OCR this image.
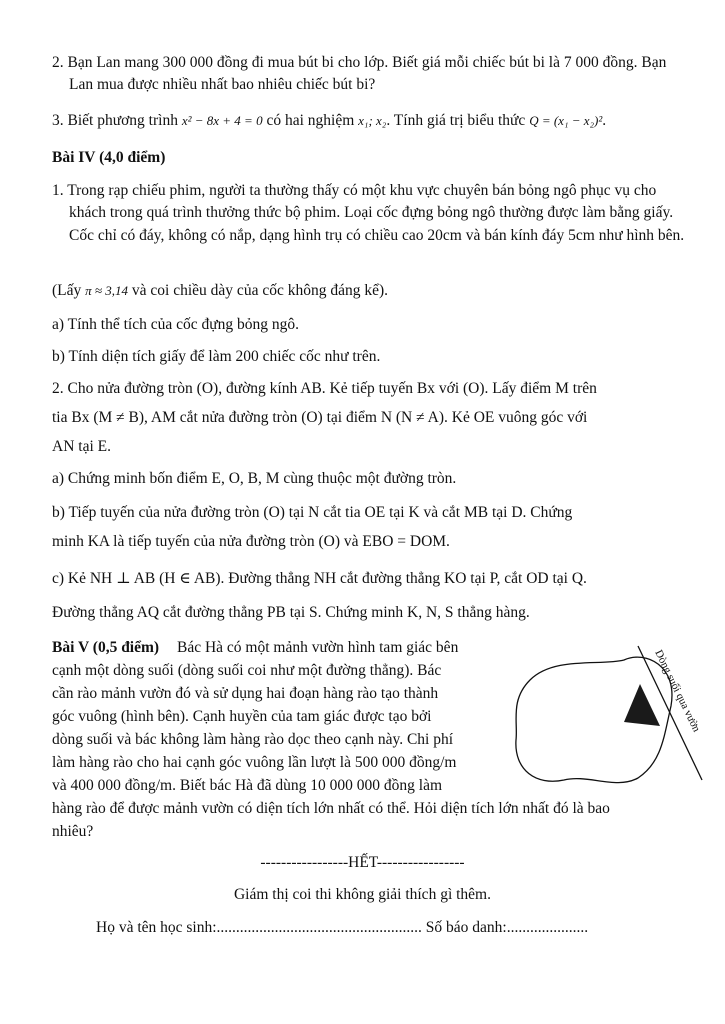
2. Bạn Lan mang 300 000 đồng đi mua bút bi cho lớp. Biết giá mỗi chiếc bút bi là 7 000 đồng. Bạn Lan mua được nhiều nhất bao nhiêu chiếc bút bi?
3. Biết phương trình x² − 8x + 4 = 0 có hai nghiệm x₁; x₂. Tính giá trị biểu thức Q = (x₁ − x₂)².
Bài IV (4,0 điểm)
1. Trong rạp chiếu phim, người ta thường thấy có một khu vực chuyên bán bỏng ngô phục vụ cho khách trong quá trình thưởng thức bộ phim. Loại cốc đựng bỏng ngô thường được làm bằng giấy. Cốc chỉ có đáy, không có nắp, dạng hình trụ có chiều cao 20cm và bán kính đáy 5cm như hình bên.
(Lấy π ≈ 3,14 và coi chiều dày của cốc không đáng kể).
a) Tính thể tích của cốc đựng bỏng ngô.
b) Tính diện tích giấy để làm 200 chiếc cốc như trên.
2. Cho nửa đường tròn (O), đường kính AB. Kẻ tiếp tuyến Bx với (O). Lấy điểm M trên
tia Bx (M ≠ B), AM cắt nửa đường tròn (O) tại điểm N (N ≠ A). Kẻ OE vuông góc với
AN tại E.
a) Chứng minh bốn điểm E, O, B, M cùng thuộc một đường tròn.
b) Tiếp tuyến của nửa đường tròn (O) tại N cắt tia OE tại K và cắt MB tại D. Chứng
minh KA là tiếp tuyến của nửa đường tròn (O) và EBO = DOM.
c) Kẻ NH ⊥ AB (H ∈ AB). Đường thẳng NH cắt đường thẳng KO tại P, cắt OD tại Q.
Đường thẳng AQ cắt đường thẳng PB tại S. Chứng minh K, N, S thẳng hàng.
Bài V (0,5 điểm) Bác Hà có một mảnh vườn hình tam giác bên
cạnh một dòng suối (dòng suối coi như một đường thẳng). Bác
cần rào mảnh vườn đó và sử dụng hai đoạn hàng rào tạo thành
góc vuông (hình bên). Cạnh huyền của tam giác được tạo bởi
dòng suối và bác không làm hàng rào dọc theo cạnh này. Chi phí
làm hàng rào cho hai cạnh góc vuông lần lượt là 500 000 đồng/m
và 400 000 đồng/m. Biết bác Hà đã dùng 10 000 000 đồng làm
hàng rào để được mảnh vườn có diện tích lớn nhất có thể. Hỏi diện tích lớn nhất đó là bao
nhiêu?
Dòng suối qua vườn
-----------------HẾT-----------------
Giám thị coi thi không giải thích gì thêm.
Họ và tên học sinh:..................................................... Số báo danh:.....................
